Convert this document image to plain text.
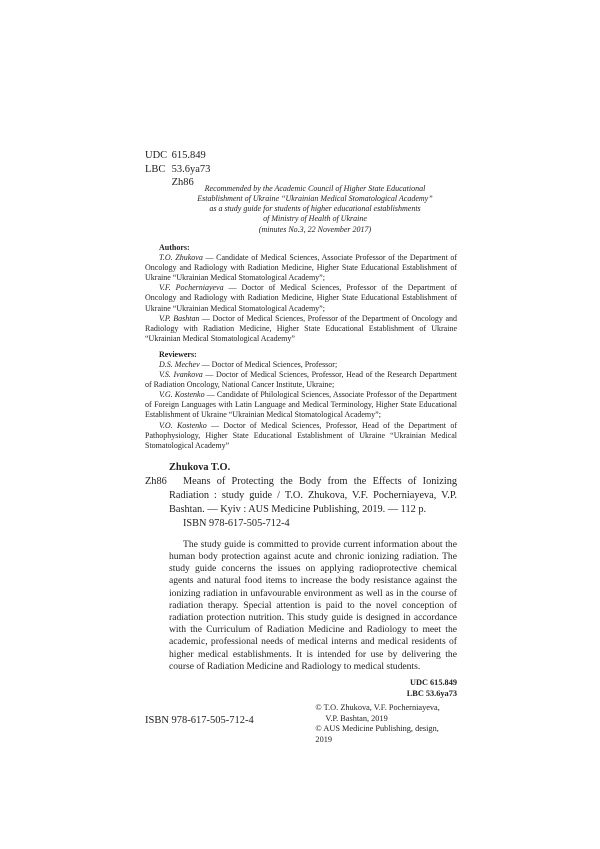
UDC 615.849
LBC 53.6ya73
Zh86	Recommended by the Academic Council of Higher State Educational
Establishment of Ukraine “Ukrainian Medical Stomatological Academy”
as a study guide for students of higher educational establishments
of Ministry of Health of Ukraine
(minutes No.3, 22 November 2017)
Authors:

T.O. Zhukova — Candidate of Medical Sciences, Associate Professor of the Department of Oncology and Radiology with Radiation Medicine, Higher State Educational Establishment of Ukraine “Ukrainian Medical Stomatological Academy”;

V.F. Pocherniayeva — Doctor of Medical Sciences, Professor of the Department of Oncology and Radiology with Radiation Medicine, Higher State Educational Establishment of Ukraine “Ukrainian Medical Stomatological Academy”;

V.P. Bashtan — Doctor of Medical Sciences, Professor of the Department of Oncology and Radiology with Radiation Medicine, Higher State Educational Establishment of Ukraine “Ukrainian Medical Stomatological Academy”

Reviewers:

D.S. Mechev — Doctor of Medical Sciences, Professor;

V.S. Ivankova — Doctor of Medical Sciences, Professor, Head of the Research Department of Radiation Oncology, National Cancer Institute, Ukraine;

V.G. Kostenko — Candidate of Philological Sciences, Associate Professor of the Department of Foreign Languages with Latin Language and Medical Terminology, Higher State Educational Establishment of Ukraine “Ukrainian Medical Stomatological Academy”;

V.O. Kostenko — Doctor of Medical Sciences, Professor, Head of the Department of Pathophysiology, Higher State Educational Establishment of Ukraine “Ukrainian Medical Stomatological Academy”

Zhukova T.O.
Zh86	Means of Protecting the Body from the Effects of Ionizing Radiation : study guide / T.O. Zhukova, V.F. Pocherniayeva, V.P. Bashtan. — Kyiv : AUS Medicine Publishing, 2019. — 112 p.

ISBN 978-617-505-712-4

The study guide is committed to provide current information about the human body protection against acute and chronic ionizing radiation. The study guide concerns the issues on applying radioprotective chemical agents and natural food items to increase the body resistance against the ionizing radiation in unfavourable environment as well as in the course of radiation therapy. Special attention is paid to the novel conception of radiation protection nutrition. This study guide is designed in accordance with the Curriculum of Radiation Medicine and Radiology to meet the academic, professional needs of medical interns and medical residents of higher medical establishments. It is intended for use by delivering the course of Radiation Medicine and Radiology to medical students.

UDC 615.849
LBC 53.6ya73
ISBN 978-617-505-712-4
© T.O. Zhukova, V.F. Pocherniayeva,
V.P. Bashtan, 2019
© AUS Medicine Publishing, design, 2019
